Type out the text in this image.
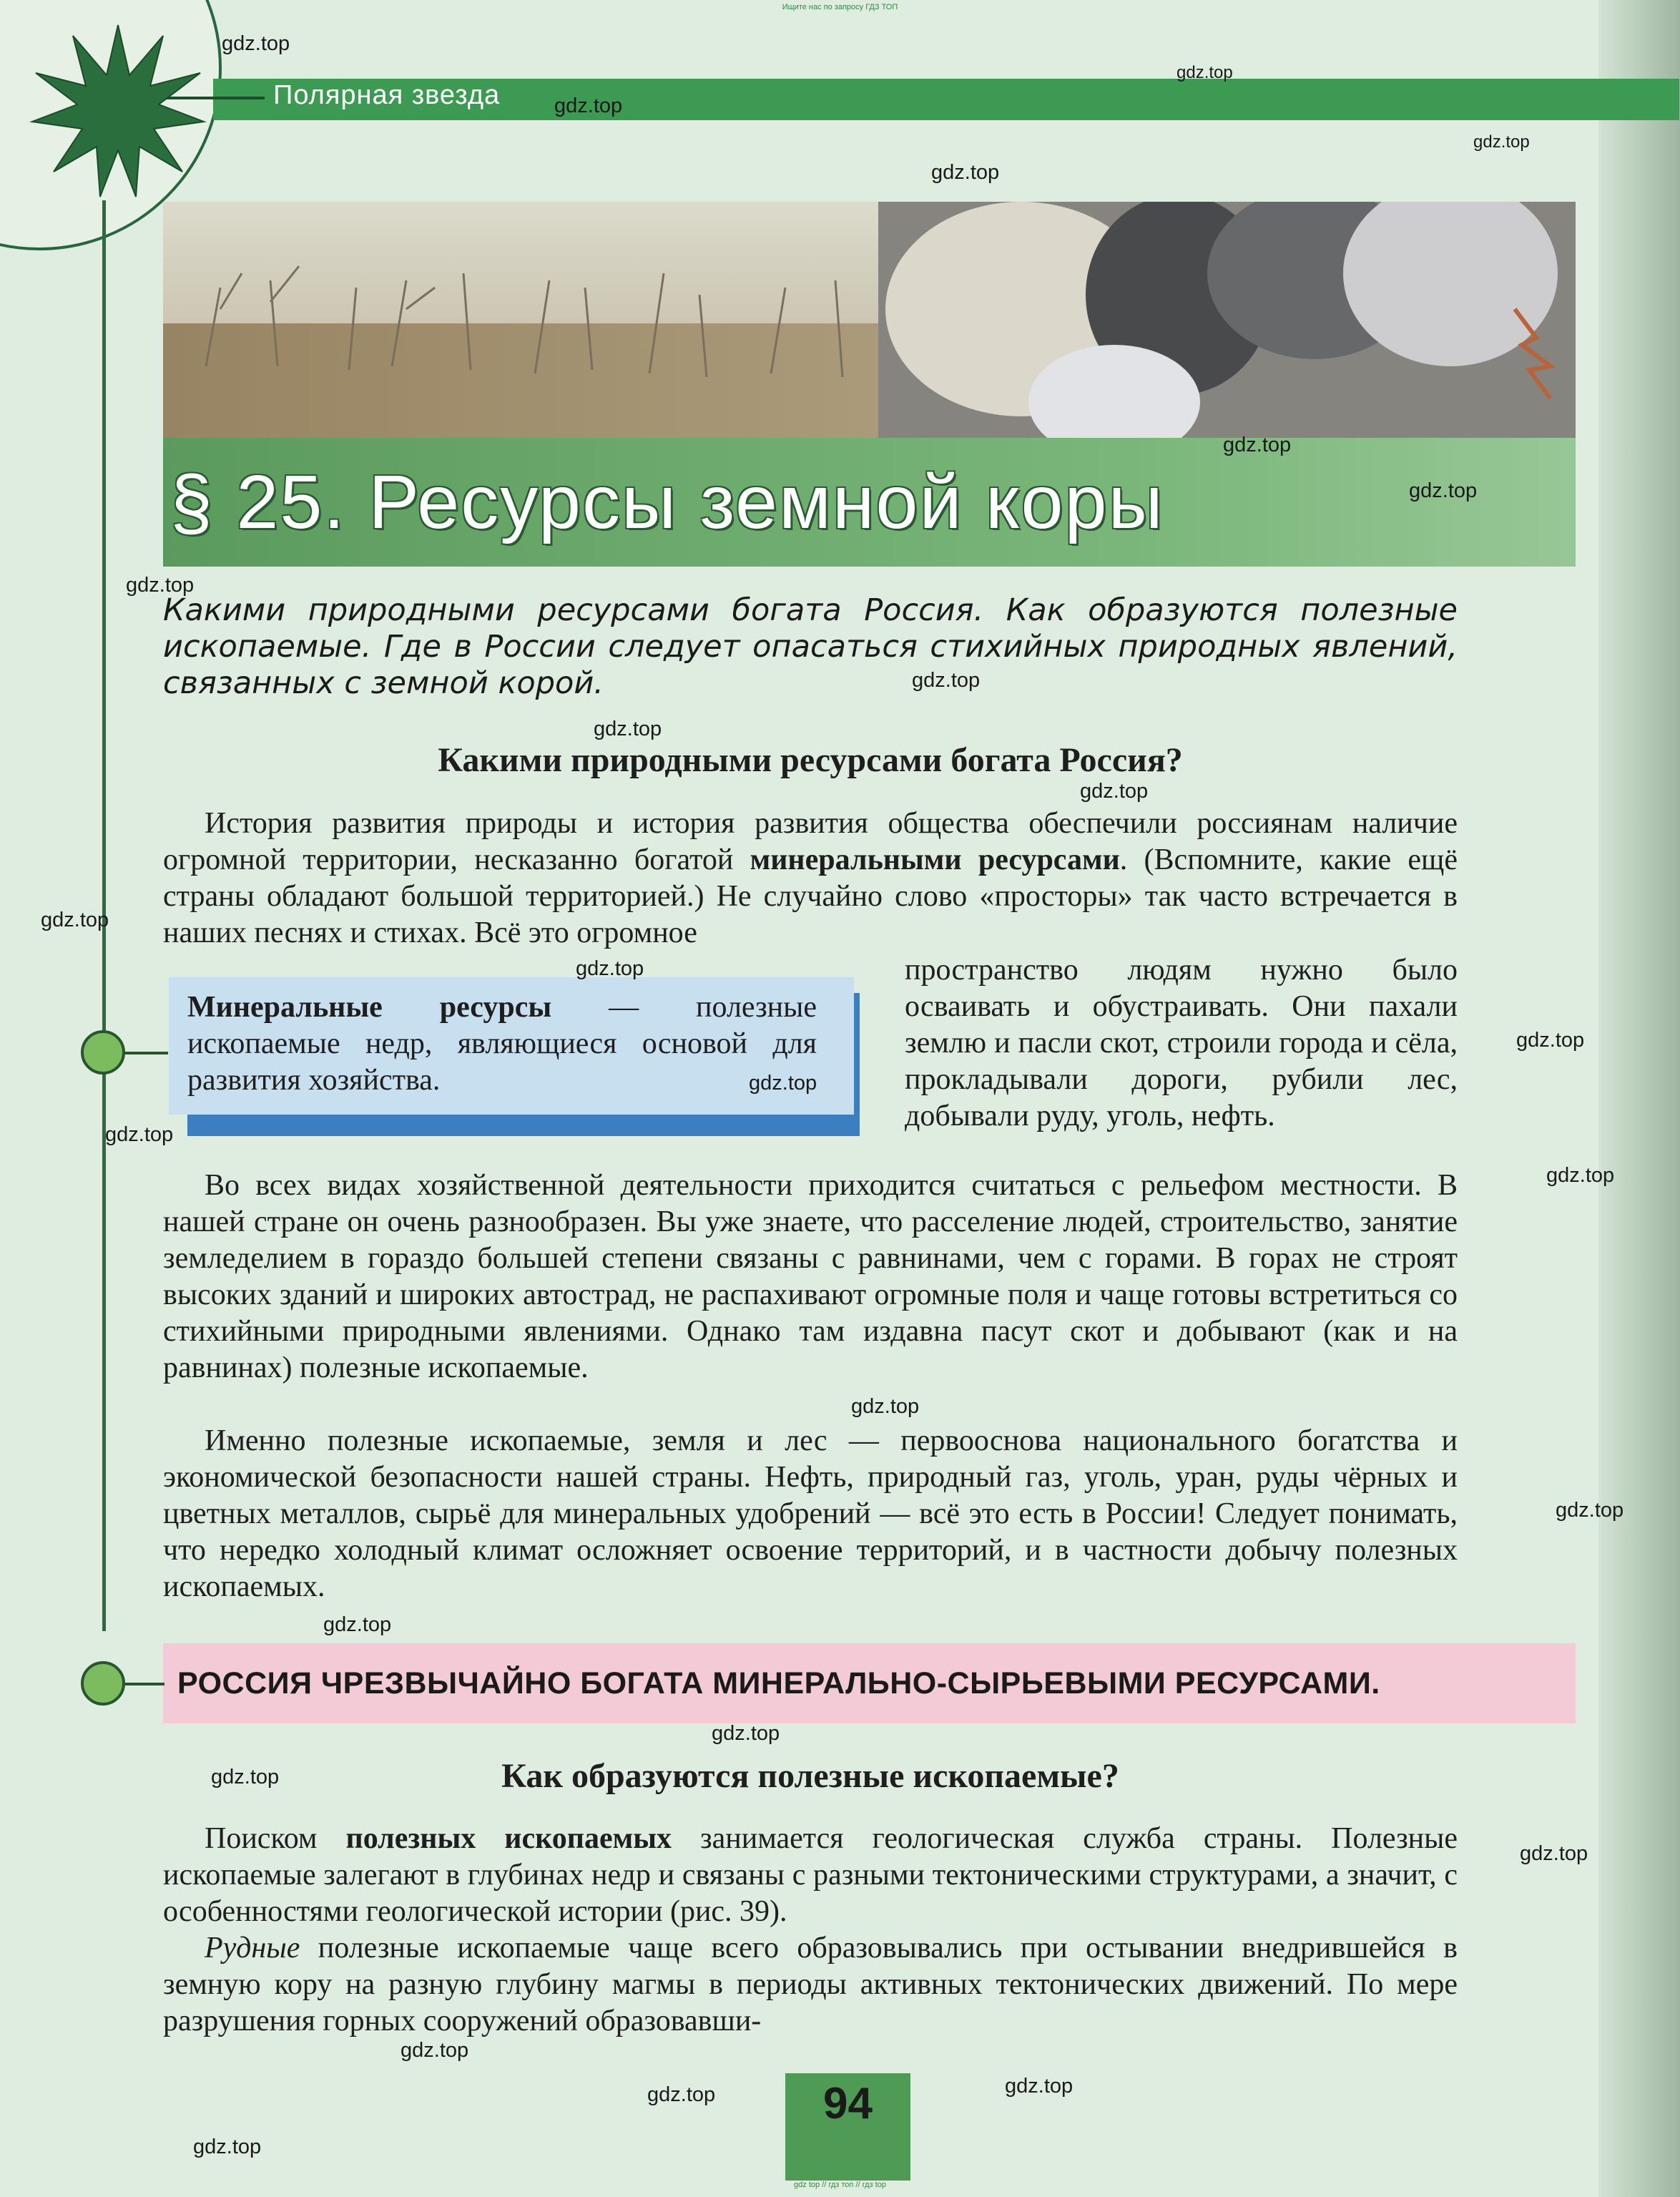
Ищите нас по запросу ГДЗ ТОП
Полярная звезда
§ 25. Ресурсы земной коры
Какими природными ресурсами богата Россия. Как образуются полезные ископаемые. Где в России следует опасаться стихийных природных явлений, связанных с земной корой.
Какими природными ресурсами богата Россия?
История развития природы и история развития общества обеспечили россиянам наличие огромной территории, несказанно богатой минеральными ресурсами. (Вспомните, какие ещё страны обладают большой территорией.) Не случайно слово «просторы» так часто встречается в наших песнях и стихах. Всё это огромное
Минеральные ресурсы — полезные ископаемые недр, являющиеся основой для развития хозяйства.
пространство людям нужно было осваивать и обустраивать. Они пахали землю и пасли скот, строили города и сёла, прокладывали дороги, рубили лес, добывали руду, уголь, нефть.
Во всех видах хозяйственной деятельности приходится считаться с рельефом местности. В нашей стране он очень разнообразен. Вы уже знаете, что расселение людей, строительство, занятие земледелием в гораздо большей степени связаны с равнинами, чем с горами. В горах не строят высоких зданий и широких автострад, не распахивают огромные поля и чаще готовы встретиться со стихийными природными явлениями. Однако там издавна пасут скот и добывают (как и на равнинах) полезные ископаемые.
Именно полезные ископаемые, земля и лес — первооснова национального богатства и экономической безопасности нашей страны. Нефть, природный газ, уголь, уран, руды чёрных и цветных металлов, сырьё для минеральных удобрений — всё это есть в России! Следует понимать, что нередко холодный климат осложняет освоение территорий, и в частности добычу полезных ископаемых.
РОССИЯ ЧРЕЗВЫЧАЙНО БОГАТА МИНЕРАЛЬНО-СЫРЬЕВЫМИ РЕСУРСАМИ.
Как образуются полезные ископаемые?
Поиском полезных ископаемых занимается геологическая служба страны. Полезные ископаемые залегают в глубинах недр и связаны с разными тектоническими структурами, а значит, с особенностями геологической истории (рис. 39).
Рудные полезные ископаемые чаще всего образовывались при остывании внедрившейся в земную кору на разную глубину магмы в периоды активных тектонических движений. По мере разрушения горных сооружений образовавши-
94
gdz top // гдз топ // гдз top
gdz.top
gdz.top
gdz.top
gdz.top
gdz.top
gdz.top
gdz.top
gdz.top
gdz.top
gdz.top
gdz.top
gdz.top
gdz.top
gdz.top
gdz.top
gdz.top
gdz.top
gdz.top
gdz.top
gdz.top
gdz.top
gdz.top
gdz.top
gdz.top
gdz.top
gdz.top
gdz.top
